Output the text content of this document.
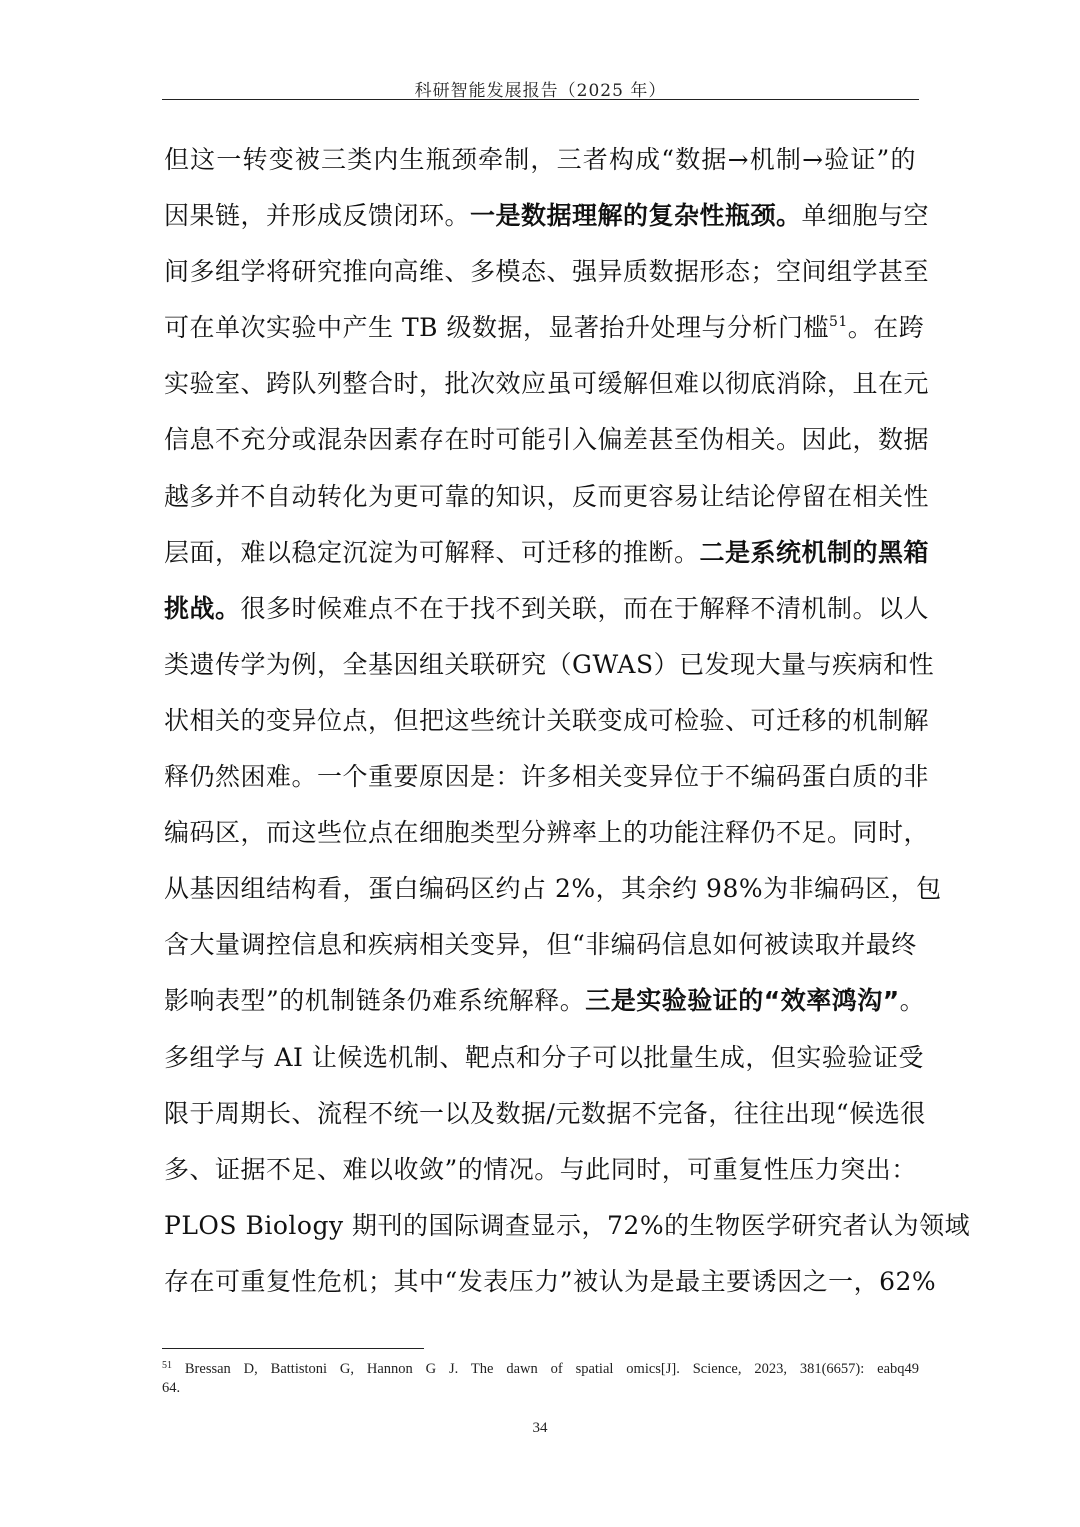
科研智能发展报告（2025 年）
但这一转变被三类内生瓶颈牵制，三者构成“数据→机制→验证”的
因果链，并形成反馈闭环。一是数据理解的复杂性瓶颈。单细胞与空
间多组学将研究推向高维、多模态、强异质数据形态；空间组学甚至
可在单次实验中产生 TB 级数据，显著抬升处理与分析门槛$^{51}$。在跨
实验室、跨队列整合时，批次效应虽可缓解但难以彻底消除，且在元
信息不充分或混杂因素存在时可能引入偏差甚至伪相关。因此，数据
越多并不自动转化为更可靠的知识，反而更容易让结论停留在相关性
层面，难以稳定沉淀为可解释、可迁移的推断。二是系统机制的黑箱
挑战。很多时候难点不在于找不到关联，而在于解释不清机制。以人
类遗传学为例，全基因组关联研究（GWAS）已发现大量与疾病和性
状相关的变异位点，但把这些统计关联变成可检验、可迁移的机制解
释仍然困难。一个重要原因是：许多相关变异位于不编码蛋白质的非
编码区，而这些位点在细胞类型分辨率上的功能注释仍不足。同时，
从基因组结构看，蛋白编码区约占 2%，其余约 98%为非编码区，包
含大量调控信息和疾病相关变异，但“非编码信息如何被读取并最终
影响表型”的机制链条仍难系统解释。三是实验验证的“效率鸿沟”。
多组学与 AI 让候选机制、靶点和分子可以批量生成，但实验验证受
限于周期长、流程不统一以及数据/元数据不完备，往往出现“候选很
多、证据不足、难以收敛”的情况。与此同时，可重复性压力突出：
PLOS Biology 期刊的国际调查显示，72%的生物医学研究者认为领域
存在可重复性危机；其中“发表压力”被认为是最主要诱因之一，62%
$^{51}$ Bressan D, Battistoni G, Hannon G J. The dawn of spatial omics[J]. Science, 2023, 381(6657): eabq49
64.
34
